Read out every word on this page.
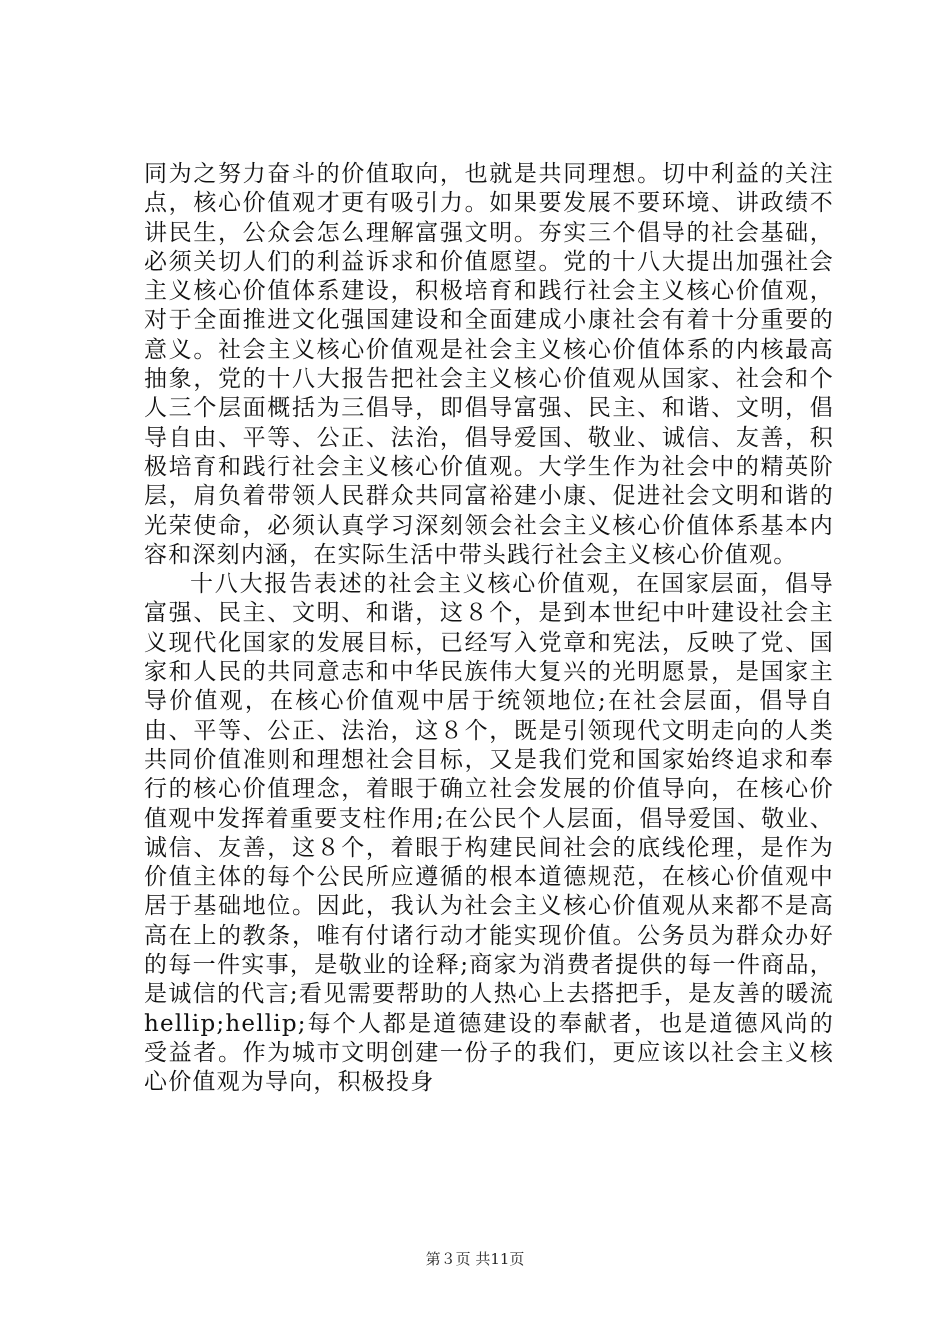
同为之努力奋斗的价值取向，也就是共同理想。切中利益的关注点，核心价值观才更有吸引力。如果要发展不要环境、讲政绩不讲民生，公众会怎么理解富强文明。夯实三个倡导的社会基础，必须关切人们的利益诉求和价值愿望。党的十八大提出加强社会主义核心价值体系建设，积极培育和践行社会主义核心价值观，对于全面推进文化强国建设和全面建成小康社会有着十分重要的意义。社会主义核心价值观是社会主义核心价值体系的内核最高抽象，党的十八大报告把社会主义核心价值观从国家、社会和个人三个层面概括为三倡导，即倡导富强、民主、和谐、文明，倡导自由、平等、公正、法治，倡导爱国、敬业、诚信、友善，积极培育和践行社会主义核心价值观。大学生作为社会中的精英阶层，肩负着带领人民群众共同富裕建小康、促进社会文明和谐的光荣使命，必须认真学习深刻领会社会主义核心价值体系基本内容和深刻内涵，在实际生活中带头践行社会主义核心价值观。

十八大报告表述的社会主义核心价值观，在国家层面，倡导富强、民主、文明、和谐，这８个，是到本世纪中叶建设社会主义现代化国家的发展目标，已经写入党章和宪法，反映了党、国家和人民的共同意志和中华民族伟大复兴的光明愿景，是国家主导价值观，在核心价值观中居于统领地位;在社会层面，倡导自由、平等、公正、法治，这８个，既是引领现代文明走向的人类共同价值准则和理想社会目标，又是我们党和国家始终追求和奉行的核心价值理念，着眼于确立社会发展的价值导向，在核心价值观中发挥着重要支柱作用;在公民个人层面，倡导爱国、敬业、诚信、友善，这８个，着眼于构建民间社会的底线伦理，是作为价值主体的每个公民所应遵循的根本道德规范，在核心价值观中居于基础地位。因此，我认为社会主义核心价值观从来都不是高高在上的教条，唯有付诸行动才能实现价值。公务员为群众办好的每一件实事，是敬业的诠释;商家为消费者提供的每一件商品，是诚信的代言;看见需要帮助的人热心上去搭把手，是友善的暖流hellip;hellip;每个人都是道德建设的奉献者，也是道德风尚的受益者。作为城市文明创建一份子的我们，更应该以社会主义核心价值观为导向，积极投身

第３页 共11页
